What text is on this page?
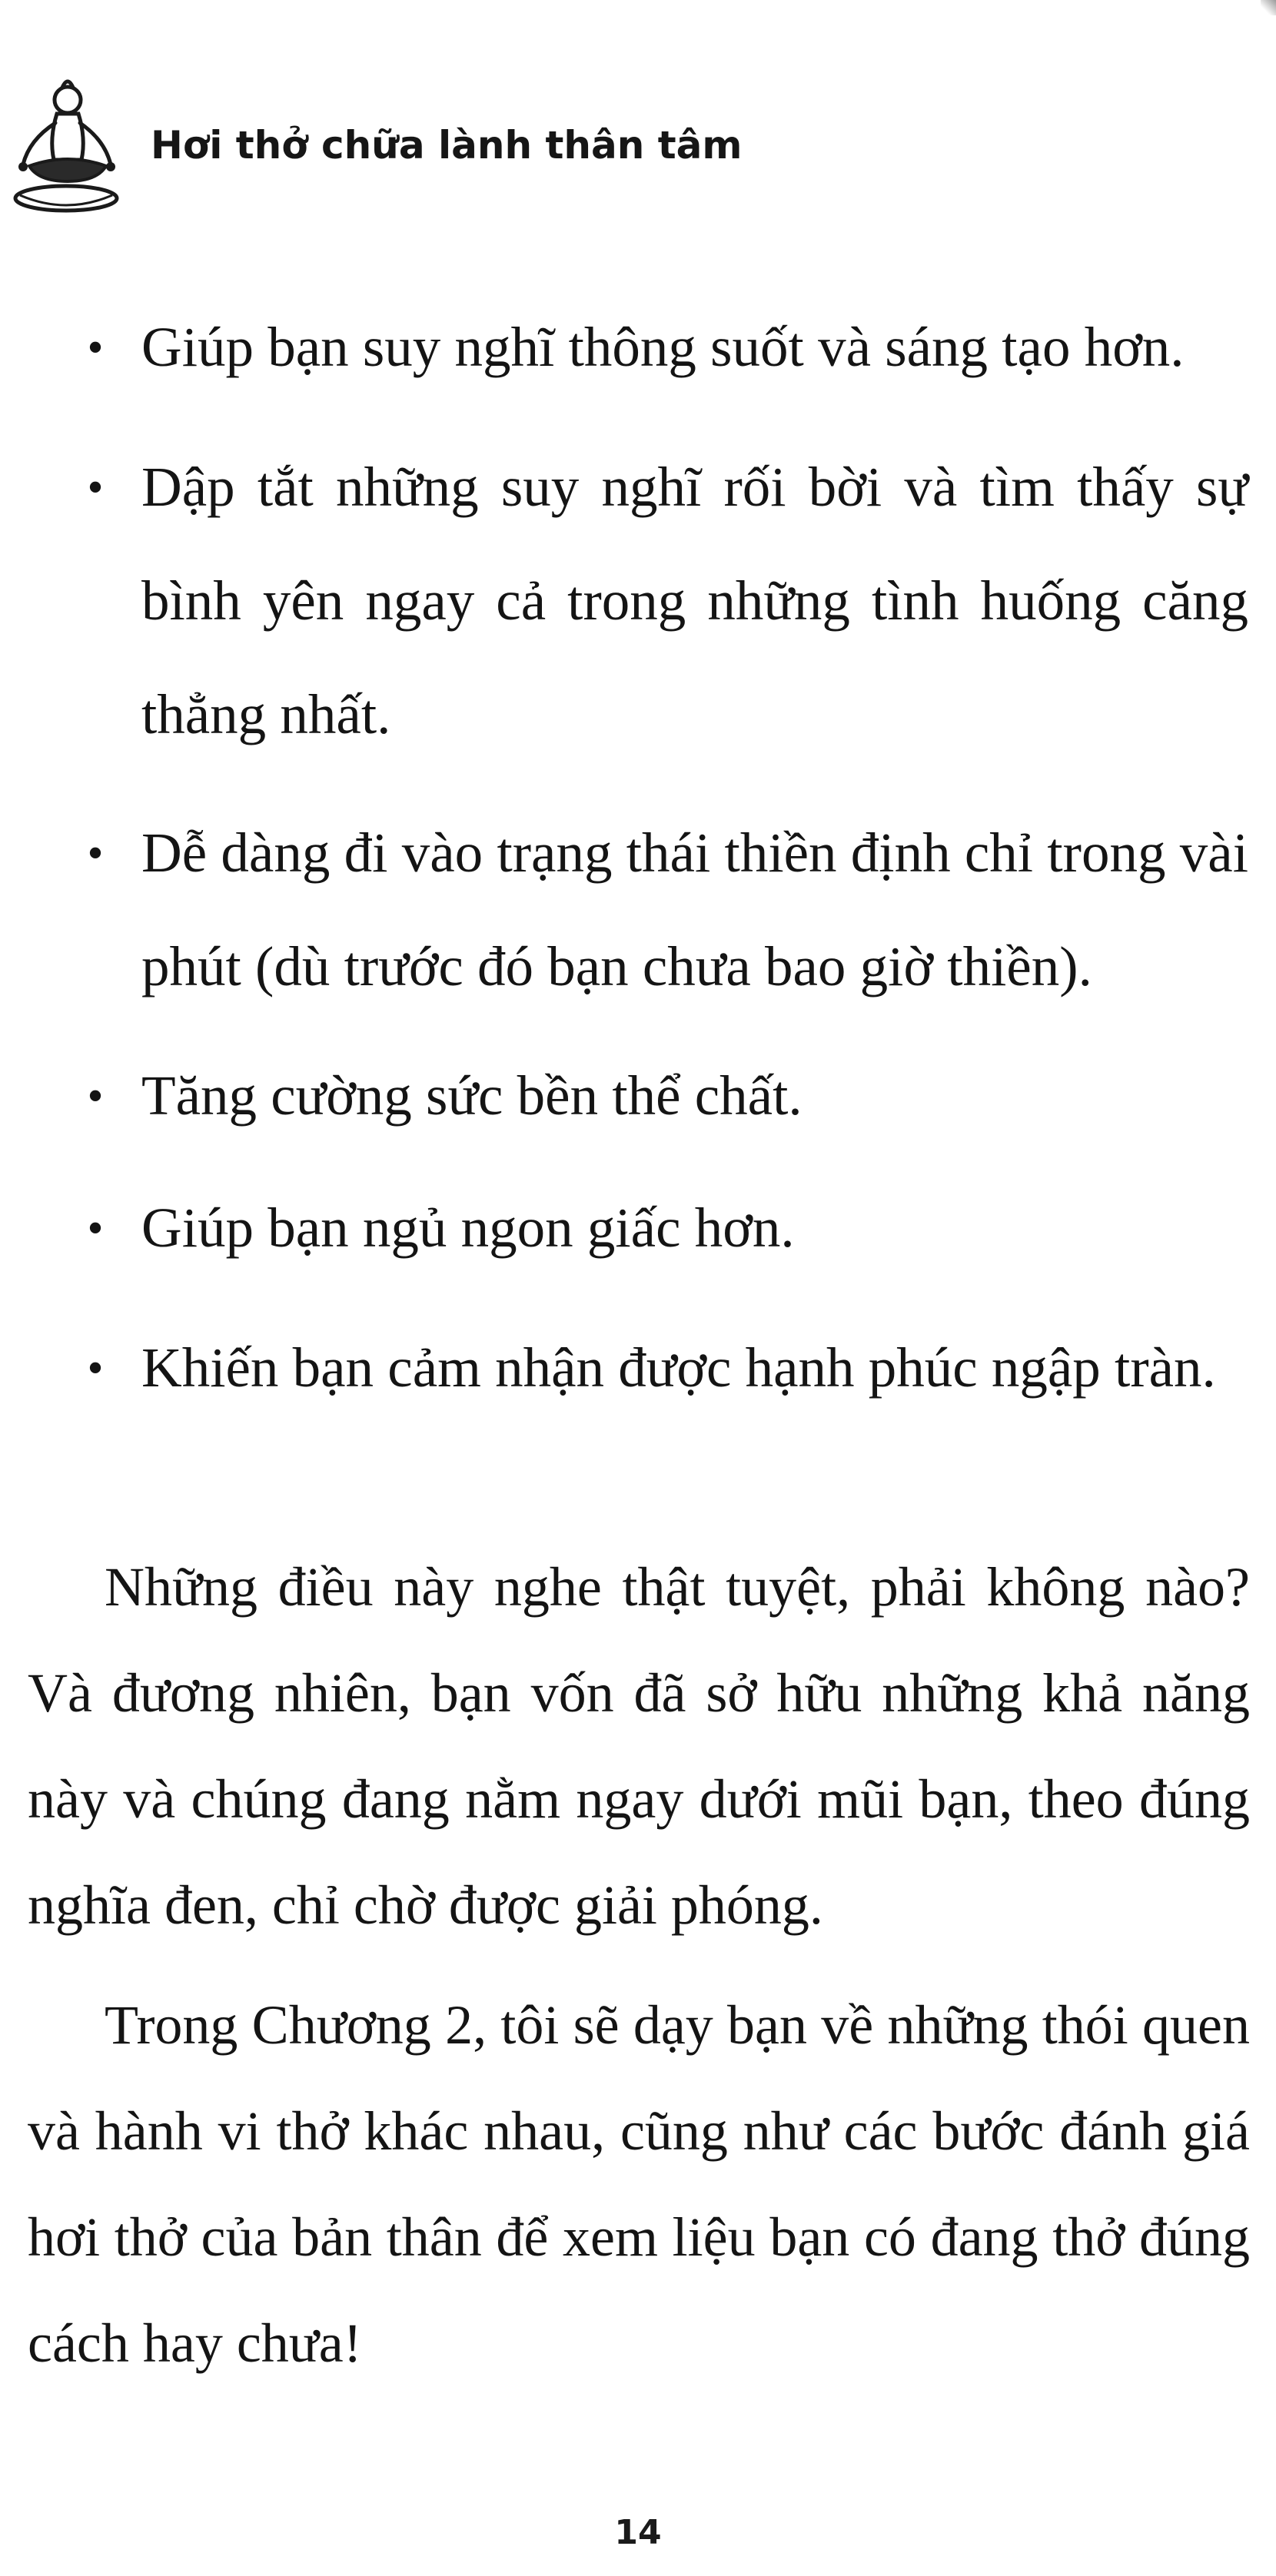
Hơi thở chữa lành thân tâm
• Giúp bạn suy nghĩ thông suốt và sáng tạo hơn.
• Dập tắt những suy nghĩ rối bời và tìm thấy sự bình yên ngay cả trong những tình huống căng thẳng nhất.
• Dễ dàng đi vào trạng thái thiền định chỉ trong vài phút (dù trước đó bạn chưa bao giờ thiền).
• Tăng cường sức bền thể chất.
• Giúp bạn ngủ ngon giấc hơn.
• Khiến bạn cảm nhận được hạnh phúc ngập tràn.

Những điều này nghe thật tuyệt, phải không nào? Và đương nhiên, bạn vốn đã sở hữu những khả năng này và chúng đang nằm ngay dưới mũi bạn, theo đúng nghĩa đen, chỉ chờ được giải phóng.

Trong Chương 2, tôi sẽ dạy bạn về những thói quen và hành vi thở khác nhau, cũng như các bước đánh giá hơi thở của bản thân để xem liệu bạn có đang thở đúng cách hay chưa!

14
